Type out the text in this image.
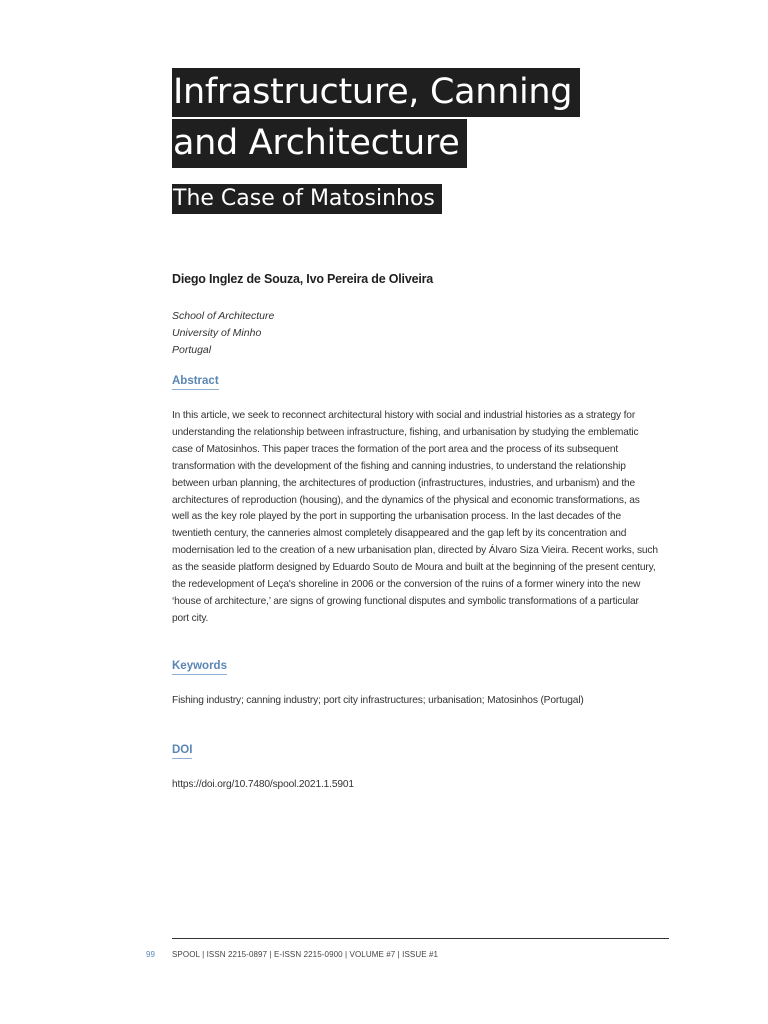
Infrastructure, Canning
and Architecture
The Case of Matosinhos
Diego Inglez de Souza, Ivo Pereira de Oliveira
School of Architecture
University of Minho
Portugal
Abstract
In this article, we seek to reconnect architectural history with social and industrial histories as a strategy for understanding the relationship between infrastructure, fishing, and urbanisation by studying the emblematic case of Matosinhos. This paper traces the formation of the port area and the process of its subsequent transformation with the development of the fishing and canning industries, to understand the relationship between urban planning, the architectures of production (infrastructures, industries, and urbanism) and the architectures of reproduction (housing), and the dynamics of the physical and economic transformations, as well as the key role played by the port in supporting the urbanisation process. In the last decades of the twentieth century, the canneries almost completely disappeared and the gap left by its concentration and modernisation led to the creation of a new urbanisation plan, directed by Álvaro Siza Vieira. Recent works, such as the seaside platform designed by Eduardo Souto de Moura and built at the beginning of the present century, the redevelopment of Leça's shoreline in 2006 or the conversion of the ruins of a former winery into the new ‘house of architecture,’ are signs of growing functional disputes and symbolic transformations of a particular port city.
Keywords
Fishing industry; canning industry; port city infrastructures; urbanisation; Matosinhos (Portugal)
DOI
https://doi.org/10.7480/spool.2021.1.5901
99 SPOOL | ISSN 2215-0897 | E-ISSN 2215-0900 | VOLUME #7 | ISSUE #1
